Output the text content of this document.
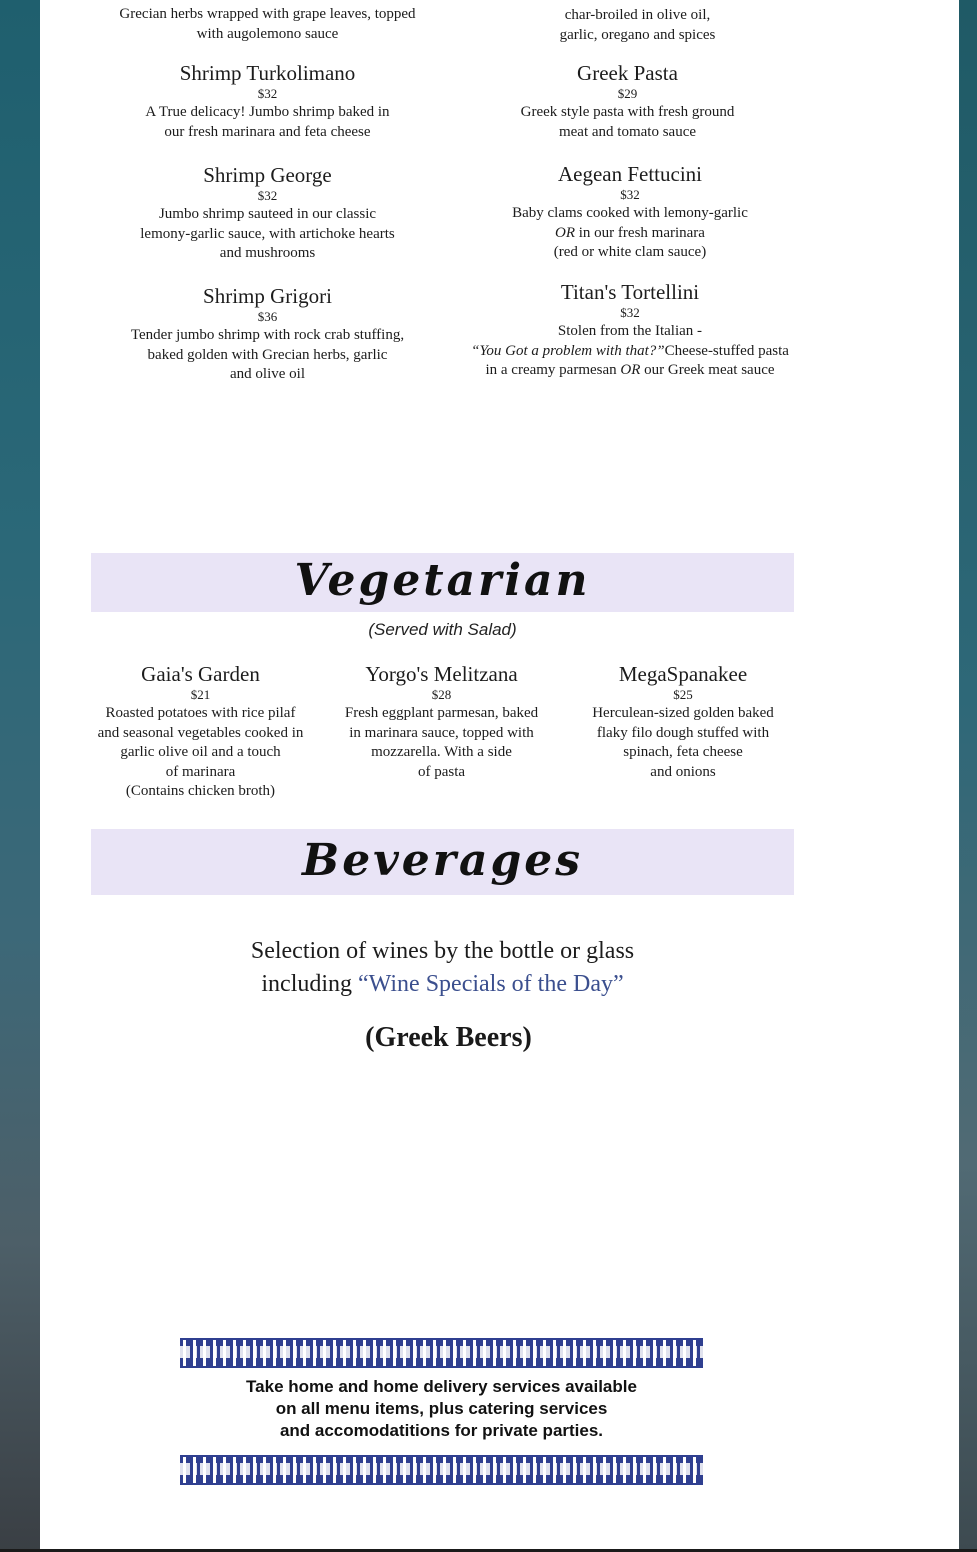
Grecian herbs wrapped with grape leaves, topped
with augolemono sauce
char-broiled in olive oil,
garlic, oregano and spices
Shrimp Turkolimano
$32
A True delicacy! Jumbo shrimp baked in
our fresh marinara and feta cheese
Shrimp George
$32
Jumbo shrimp sauteed in our classic
lemony-garlic sauce, with artichoke hearts
and mushrooms
Shrimp Grigori
$36
Tender jumbo shrimp with rock crab stuffing,
baked golden with Grecian herbs, garlic
and olive oil
Greek Pasta
$29
Greek style pasta with fresh ground
meat and tomato sauce
Aegean Fettucini
$32
Baby clams cooked with lemony-garlic
OR in our fresh marinara
(red or white clam sauce)
Titan's Tortellini
$32
Stolen from the Italian -
“You Got a problem with that?”Cheese-stuffed pasta
in a creamy parmesan OR our Greek meat sauce
Vegetarian
(Served with Salad)
Gaia's Garden
$21
Roasted potatoes with rice pilaf
and seasonal vegetables cooked in
garlic olive oil and a touch
of marinara
(Contains chicken broth)
Yorgo's Melitzana
$28
Fresh eggplant parmesan, baked
in marinara sauce, topped with
mozzarella. With a side
of pasta
MegaSpanakee
$25
Herculean-sized golden baked
flaky filo dough stuffed with
spinach, feta cheese
and onions
Beverages
Selection of wines by the bottle or glass
including “Wine Specials of the Day”
(Greek Beers)
Take home and home delivery services available
on all menu items, plus catering services
and accomodatitions for private parties.
